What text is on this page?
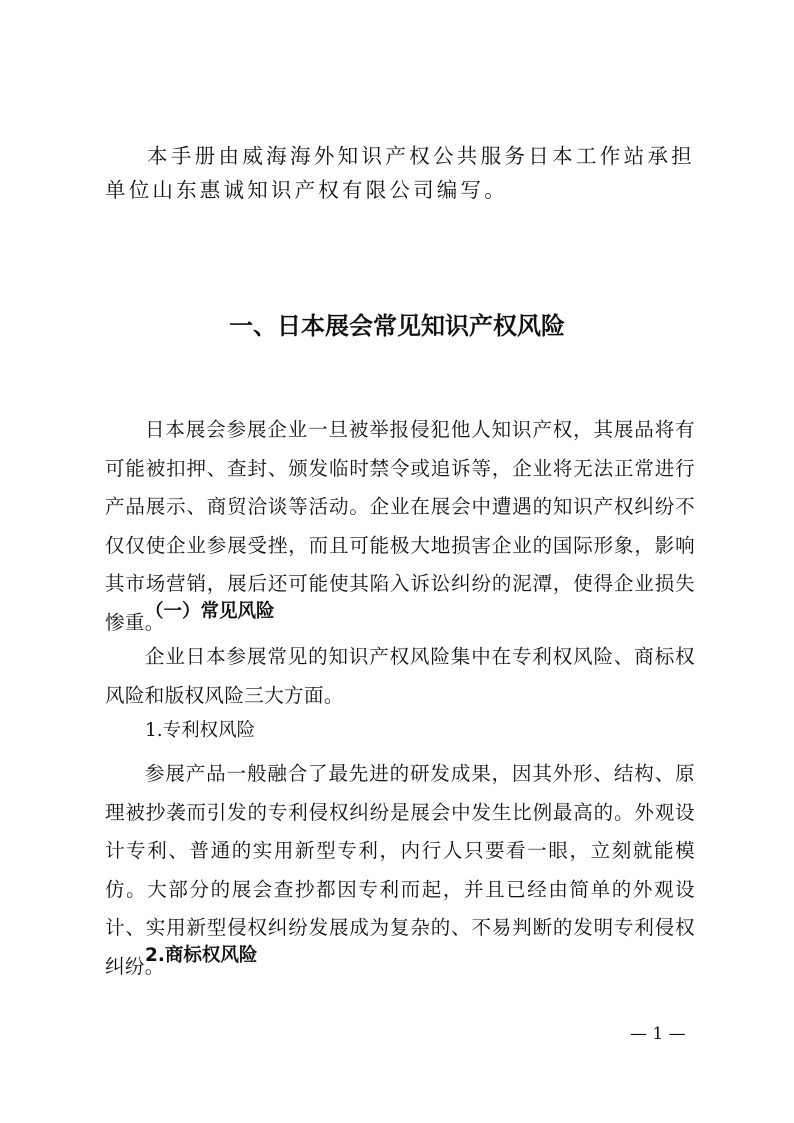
本手册由威海海外知识产权公共服务日本工作站承担单位山东惠诚知识产权有限公司编写。

一、日本展会常见知识产权风险

日本展会参展企业一旦被举报侵犯他人知识产权，其展品将有可能被扣押、查封、颁发临时禁令或追诉等，企业将无法正常进行产品展示、商贸洽谈等活动。企业在展会中遭遇的知识产权纠纷不仅仅使企业参展受挫，而且可能极大地损害企业的国际形象，影响其市场营销，展后还可能使其陷入诉讼纠纷的泥潭，使得企业损失惨重。

（一）常见风险

企业日本参展常见的知识产权风险集中在专利权风险、商标权风险和版权风险三大方面。

1.专利权风险

参展产品一般融合了最先进的研发成果，因其外形、结构、原理被抄袭而引发的专利侵权纠纷是展会中发生比例最高的。外观设计专利、普通的实用新型专利，内行人只要看一眼，立刻就能模仿。大部分的展会查抄都因专利而起，并且已经由简单的外观设计、实用新型侵权纠纷发展成为复杂的、不易判断的发明专利侵权纠纷。

2.商标权风险
— 1 —
